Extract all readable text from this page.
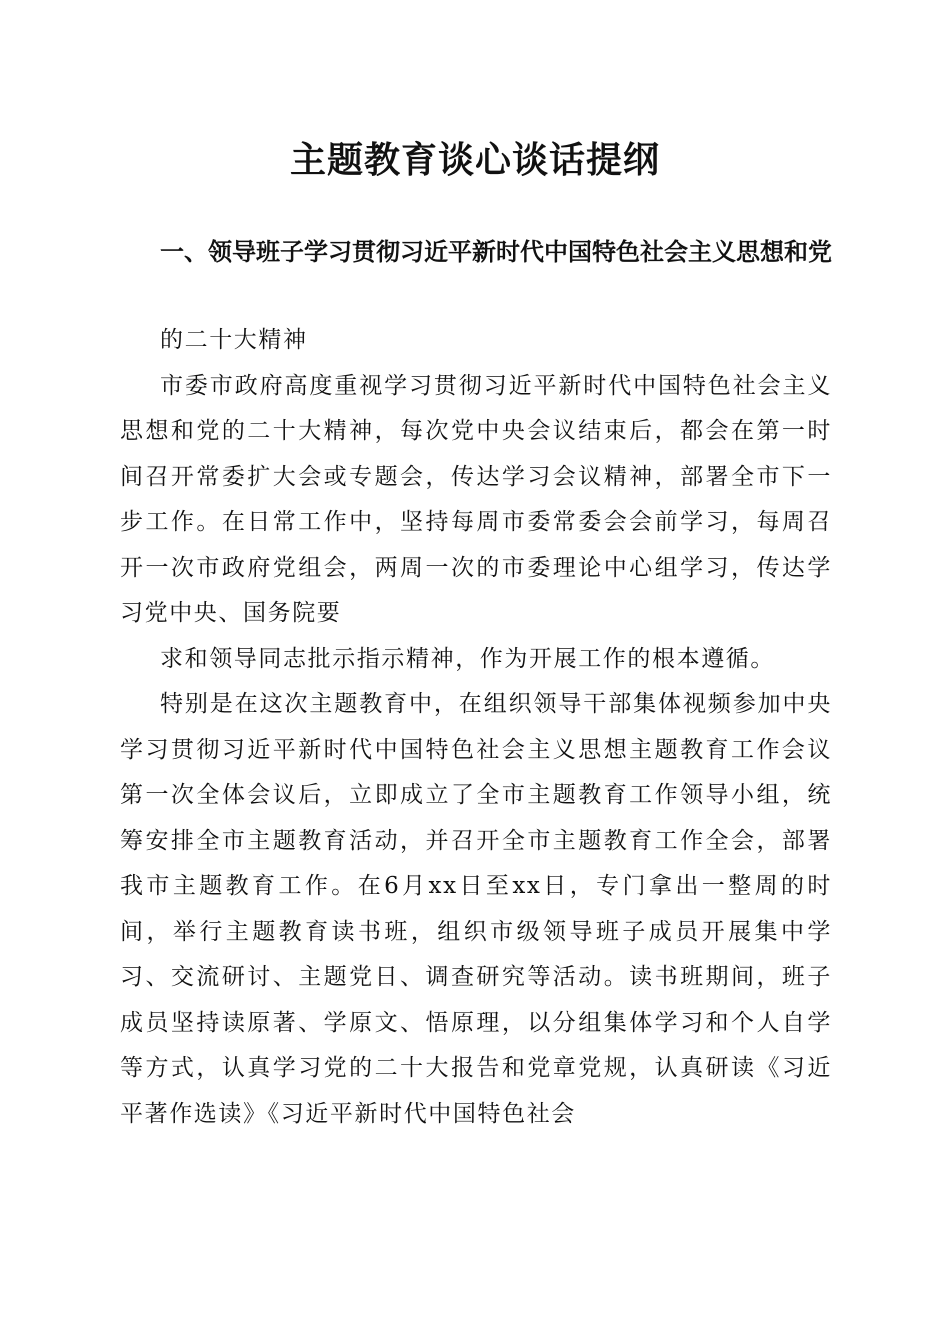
主题教育谈心谈话提纲
一、领导班子学习贯彻习近平新时代中国特色社会主义思想和党

的二十大精神

市委市政府高度重视学习贯彻习近平新时代中国特色社会主义思想和党的二十大精神，每次党中央会议结束后，都会在第一时间召开常委扩大会或专题会，传达学习会议精神，部署全市下一步工作。在日常工作中，坚持每周市委常委会会前学习，每周召开一次市政府党组会，两周一次的市委理论中心组学习，传达学习党中央、国务院要

求和领导同志批示指示精神，作为开展工作的根本遵循。

特别是在这次主题教育中，在组织领导干部集体视频参加中央学习贯彻习近平新时代中国特色社会主义思想主题教育工作会议第一次全体会议后，立即成立了全市主题教育工作领导小组，统筹安排全市主题教育活动，并召开全市主题教育工作全会，部署我市主题教育工作。在6月xx日至xx日，专门拿出一整周的时间，举行主题教育读书班，组织市级领导班子成员开展集中学习、交流研讨、主题党日、调查研究等活动。读书班期间，班子成员坚持读原著、学原文、悟原理，以分组集体学习和个人自学等方式，认真学习党的二十大报告和党章党规，认真研读《习近平著作选读》《习近平新时代中国特色社会
